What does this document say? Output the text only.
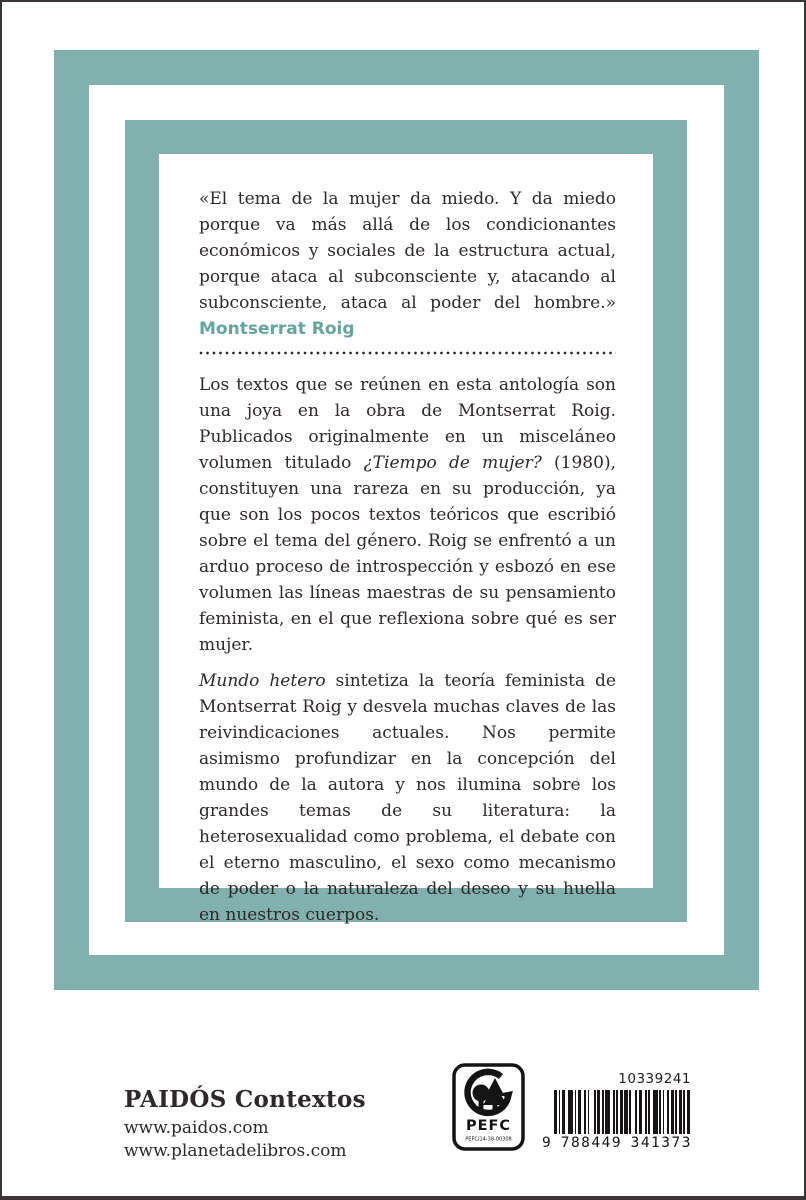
«El tema de la mujer da miedo. Y da miedo porque va más allá de los condicionantes económicos y sociales de la estructura actual, porque ataca al subconsciente y, atacando al subconsciente, ataca al poder del hombre.» Montserrat Roig

Los textos que se reúnen en esta antología son una joya en la obra de Montserrat Roig. Publicados originalmente en un misceláneo volumen titulado ¿Tiempo de mujer? (1980), constituyen una rareza en su producción, ya que son los pocos textos teóricos que escribió sobre el tema del género. Roig se enfrentó a un arduo proceso de introspección y esbozó en ese volumen las líneas maestras de su pensamiento feminista, en el que reflexiona sobre qué es ser mujer.

Mundo hetero sintetiza la teoría feminista de Montserrat Roig y desvela muchas claves de las reivindicaciones actuales. Nos permite asimismo profundizar en la concepción del mundo de la autora y nos ilumina sobre los grandes temas de su literatura: la heterosexualidad como problema, el debate con el eterno masculino, el sexo como mecanismo de poder o la naturaleza del deseo y su huella en nuestros cuerpos.

PAIDÓS Contextos
www.paidos.com
www.planetadelibros.com
PEFC
PEFC/14-38-00308
10339241
9 788449 341373
